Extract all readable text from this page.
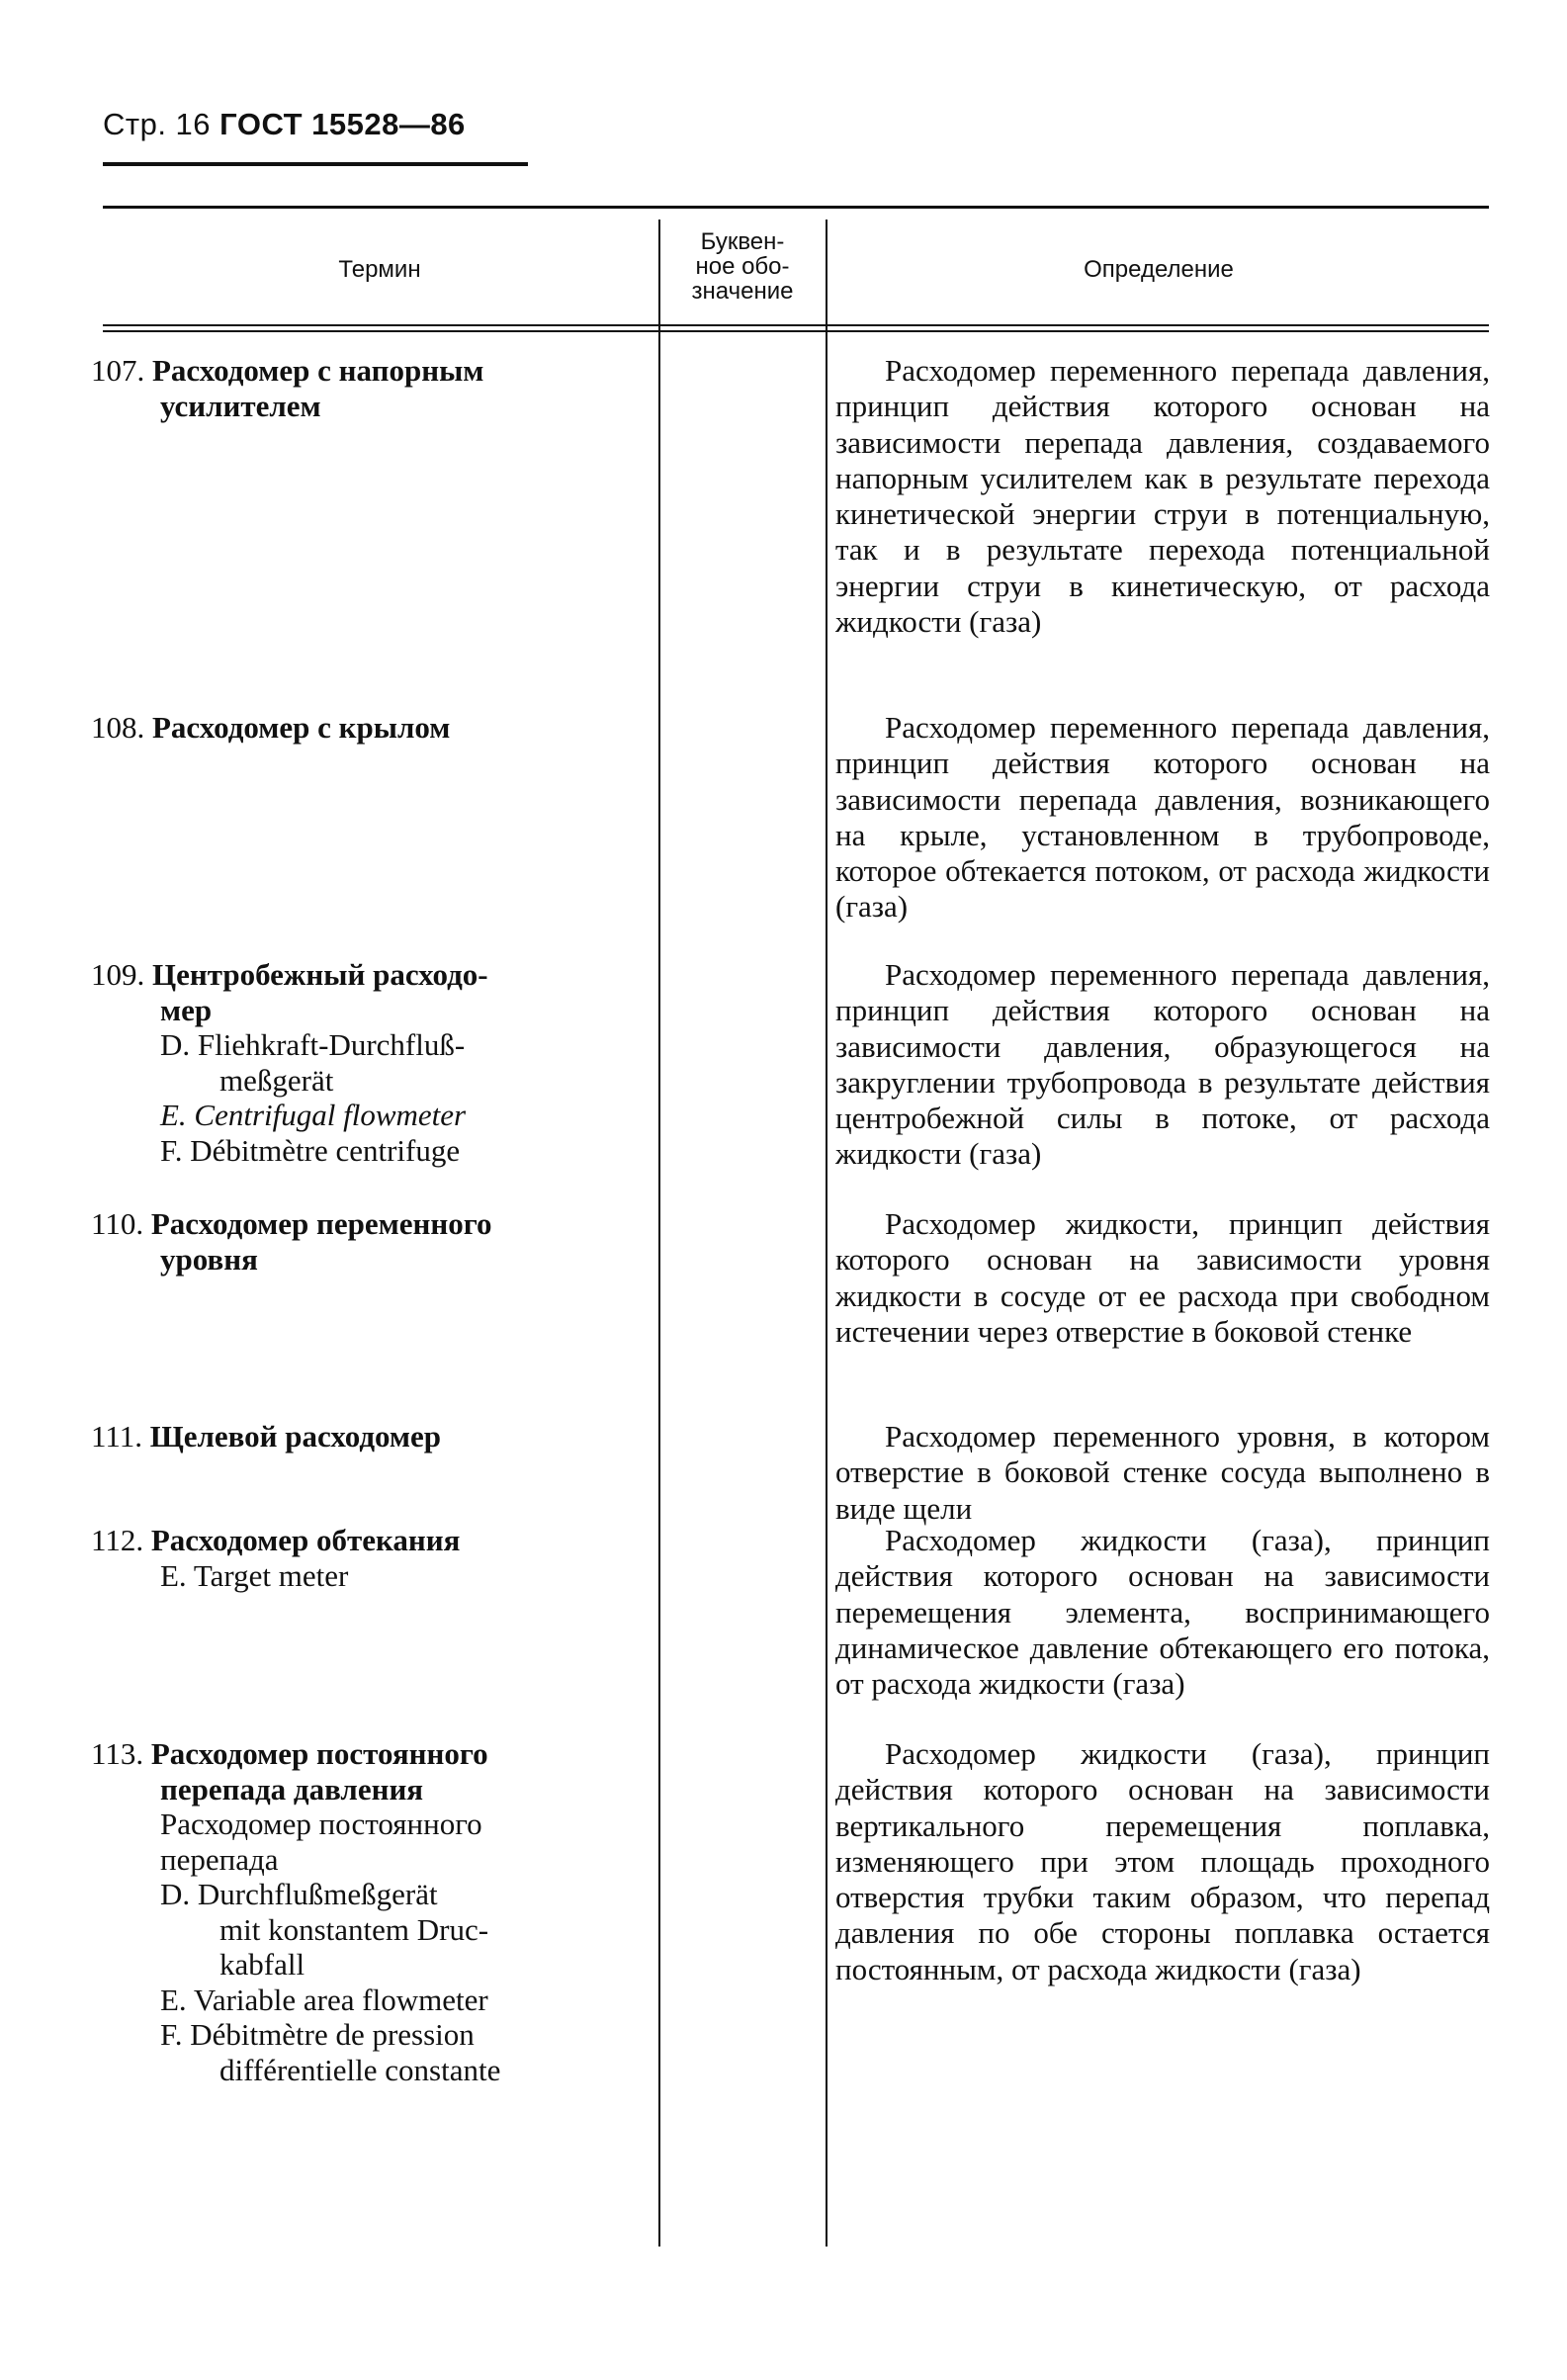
Стр. 16 ГОСТ 15528—86
Термин
Буквен-
ное обо-
значение
Определение
107. Расходомер с напорным
усилителем
Расходомер переменного перепада давления, принцип действия которого основан на зависимости перепада давления, создаваемого напорным усилителем как в результате перехода кинетической энергии струи в потенциальную, так и в результате перехода потенциальной энергии струи в кинетическую, от расхода жидкости (газа)
108. Расходомер с крылом	Расходомер переменного перепада давления, принцип действия которого основан на зависимости перепада давления, возникающего на крыле, установленном в трубопроводе, которое обтекается потоком, от расхода жидкости (газа)
109. Центробежный расходо-
мер
D. Fliehkraft-Durchfluß-
meßgerät
E. Centrifugal flowmeter
F. Débitmètre centrifuge
Расходомер переменного перепада давления, принцип действия которого основан на зависимости давления, образующегося на закруглении трубопровода в результате действия центробежной силы в потоке, от расхода жидкости (газа)
110. Расходомер переменного
уровня
Расходомер жидкости, принцип действия которого основан на зависимости уровня жидкости в сосуде от ее расхода при свободном истечении через отверстие в боковой стенке
111. Щелевой расходомер	Расходомер переменного уровня, в котором отверстие в боковой стенке сосуда выполнено в виде щели
112. Расходомер обтекания
E. Target meter
Расходомер жидкости (газа), принцип действия которого основан на зависимости перемещения элемента, воспринимающего динамическое давление обтекающего его потока, от расхода жидкости (газа)
113. Расходомер постоянного
перепада давления
Расходомер постоянного
перепада
D. Durchflußmeßgerät
mit konstantem Druc-
kabfall
E. Variable area flowmeter
F. Débitmètre de pression
différentielle constante
Расходомер жидкости (газа), принцип действия которого основан на зависимости вертикального перемещения поплавка, изменяющего при этом площадь проходного отверстия трубки таким образом, что перепад давления по обе стороны поплавка остается постоянным, от расхода жидкости (газа)
